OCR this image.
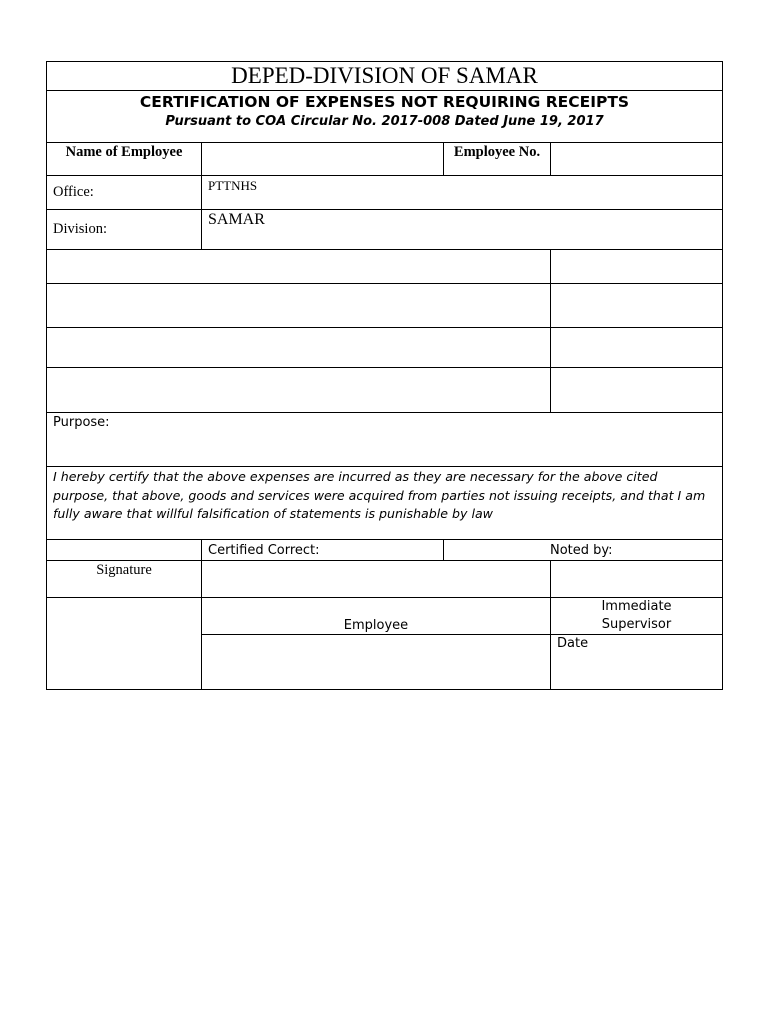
DEPED-DIVISION OF SAMAR			

CERTIFICATION OF EXPENSES NOT REQUIRING RECEIPTS
Pursuant to COA Circular No. 2017-008 Dated June 19, 2017			

Name of Employee		Employee No.	
Office:	PTTNHS		
Division:	SAMAR		

Purpose:			
I hereby certify that the above expenses are incurred as they are necessary for the above cited purpose, that above, goods and services were acquired from parties not issuing receipts, and that I am fully aware that willful falsification of statements is punishable by law			
	Certified Correct:	Noted by:	
Signature			
	Employee		Immediate Supervisor
			Date
